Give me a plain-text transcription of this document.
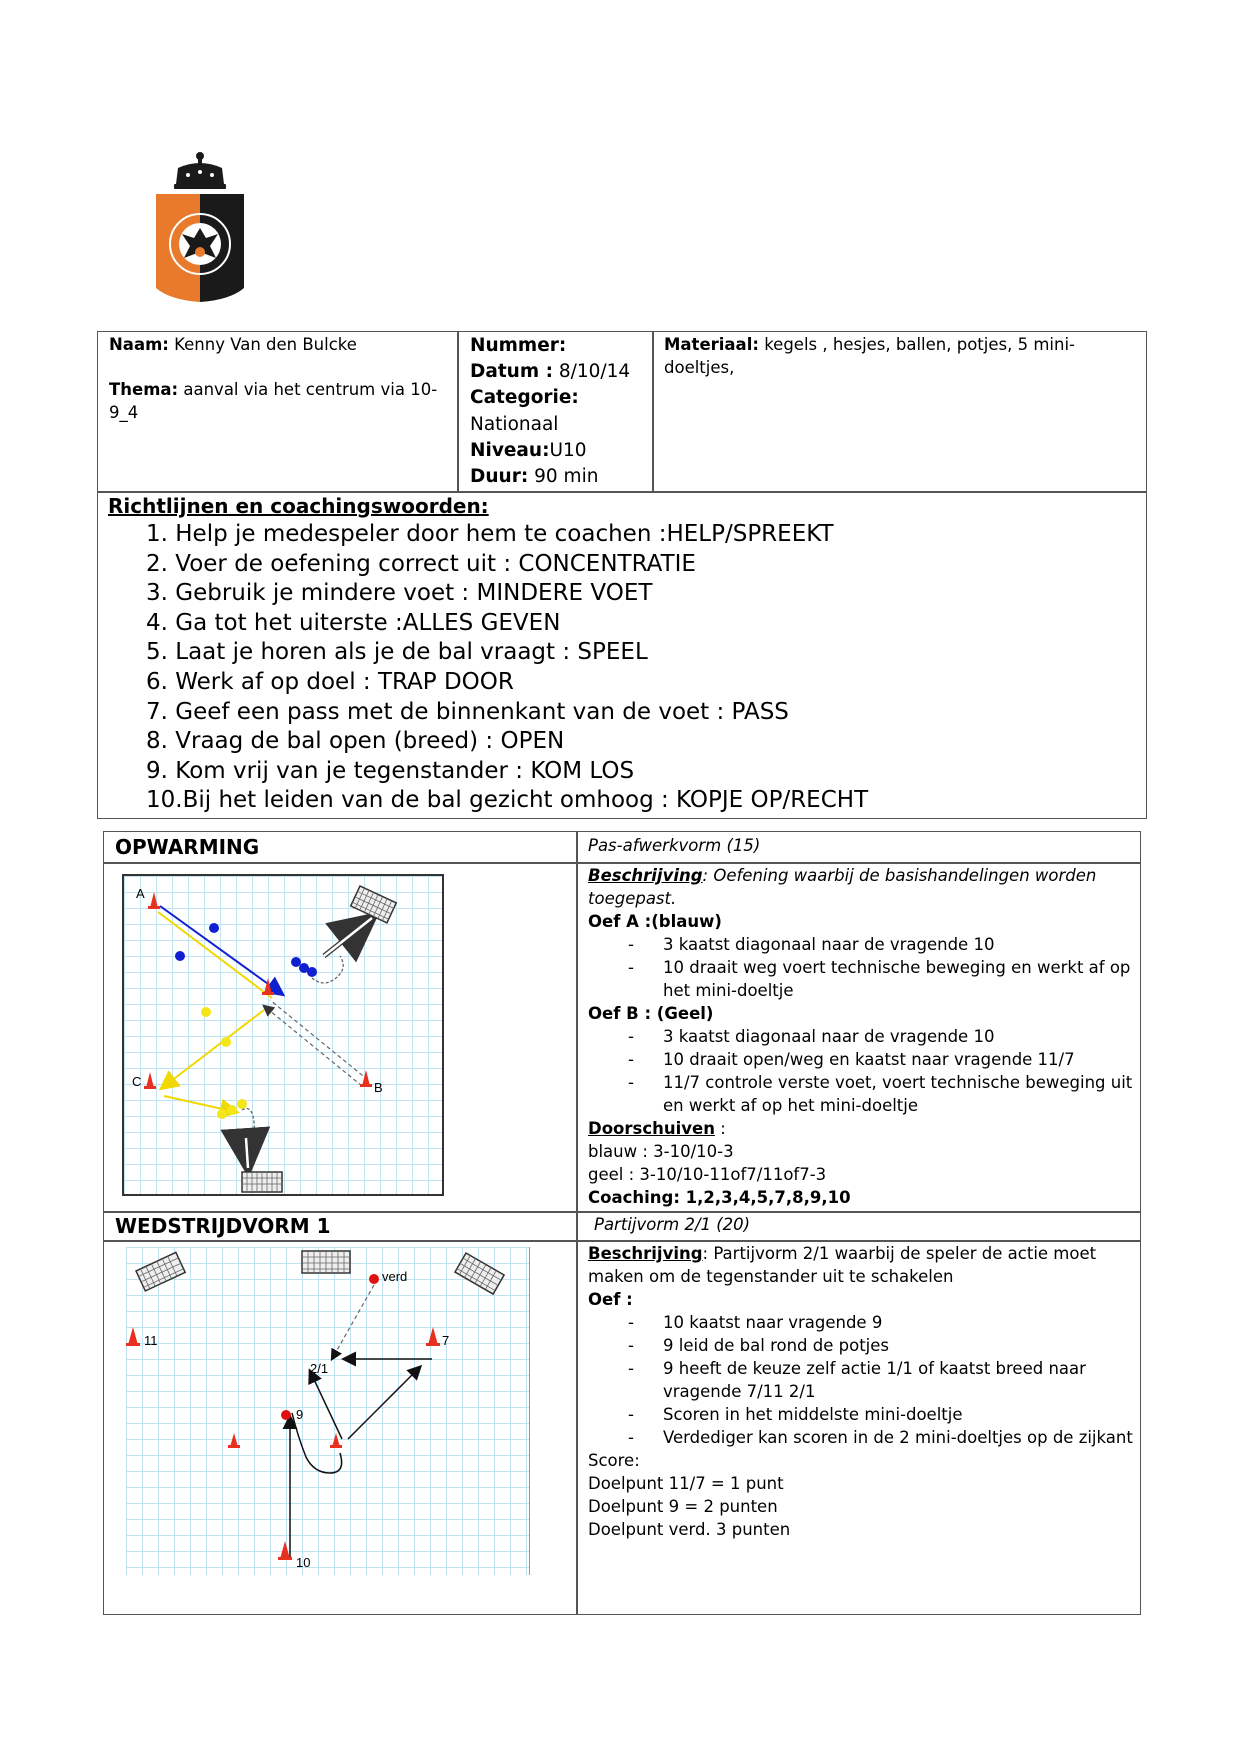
Naam: Kenny Van den Bulcke
Thema: aanval via het centrum via 10-9_4
Nummer:
Datum : 8/10/14
Categorie:
Nationaal
Niveau:U10
Duur: 90 min
Materiaal: kegels , hesjes, ballen, potjes, 5 mini-doeltjes,
Richtlijnen en coachingswoorden:
1. Help je medespeler door hem te coachen :HELP/SPREEKT
2. Voer de oefening correct uit : CONCENTRATIE
3. Gebruik je mindere voet : MINDERE VOET
4. Ga tot het uiterste :ALLES GEVEN
5. Laat je horen als je de bal vraagt : SPEEL
6. Werk af op doel : TRAP DOOR
7. Geef een pass met de binnenkant van de voet : PASS
8. Vraag de bal open (breed) : OPEN
9. Kom vrij van je tegenstander : KOM LOS
10.Bij het leiden van de bal gezicht omhoog : KOPJE OP/RECHT
OPWARMING	Pas-afwerkvorm (15)
A
C	B
Beschrijving: Oefening waarbij de basishandelingen worden toegepast.
Oef A :(blauw)
- 3 kaatst diagonaal naar de vragende 10
- 10 draait weg voert technische beweging en werkt af op het mini-doeltje
Oef B : (Geel)
- 3 kaatst diagonaal naar de vragende 10
- 10 draait open/weg en kaatst naar vragende 11/7
- 11/7 controle verste voet, voert technische beweging uit en werkt af op het mini-doeltje
Doorschuiven :
blauw : 3-10/10-3
geel : 3-10/10-11of7/11of7-3
Coaching: 1,2,3,4,5,7,8,9,10
WEDSTRIJDVORM 1	Partijvorm 2/1 (20)
verd
11	7
2/1
9
10
Beschrijving: Partijvorm 2/1 waarbij de speler de actie moet maken om de tegenstander uit te schakelen
Oef :
- 10 kaatst naar vragende 9
- 9 leid de bal rond de potjes
- 9 heeft de keuze zelf actie 1/1 of kaatst breed naar vragende 7/11 2/1
- Scoren in het middelste mini-doeltje
- Verdediger kan scoren in de 2 mini-doeltjes op de zijkant
Score:
Doelpunt 11/7 = 1 punt
Doelpunt 9 = 2 punten
Doelpunt verd. 3 punten
